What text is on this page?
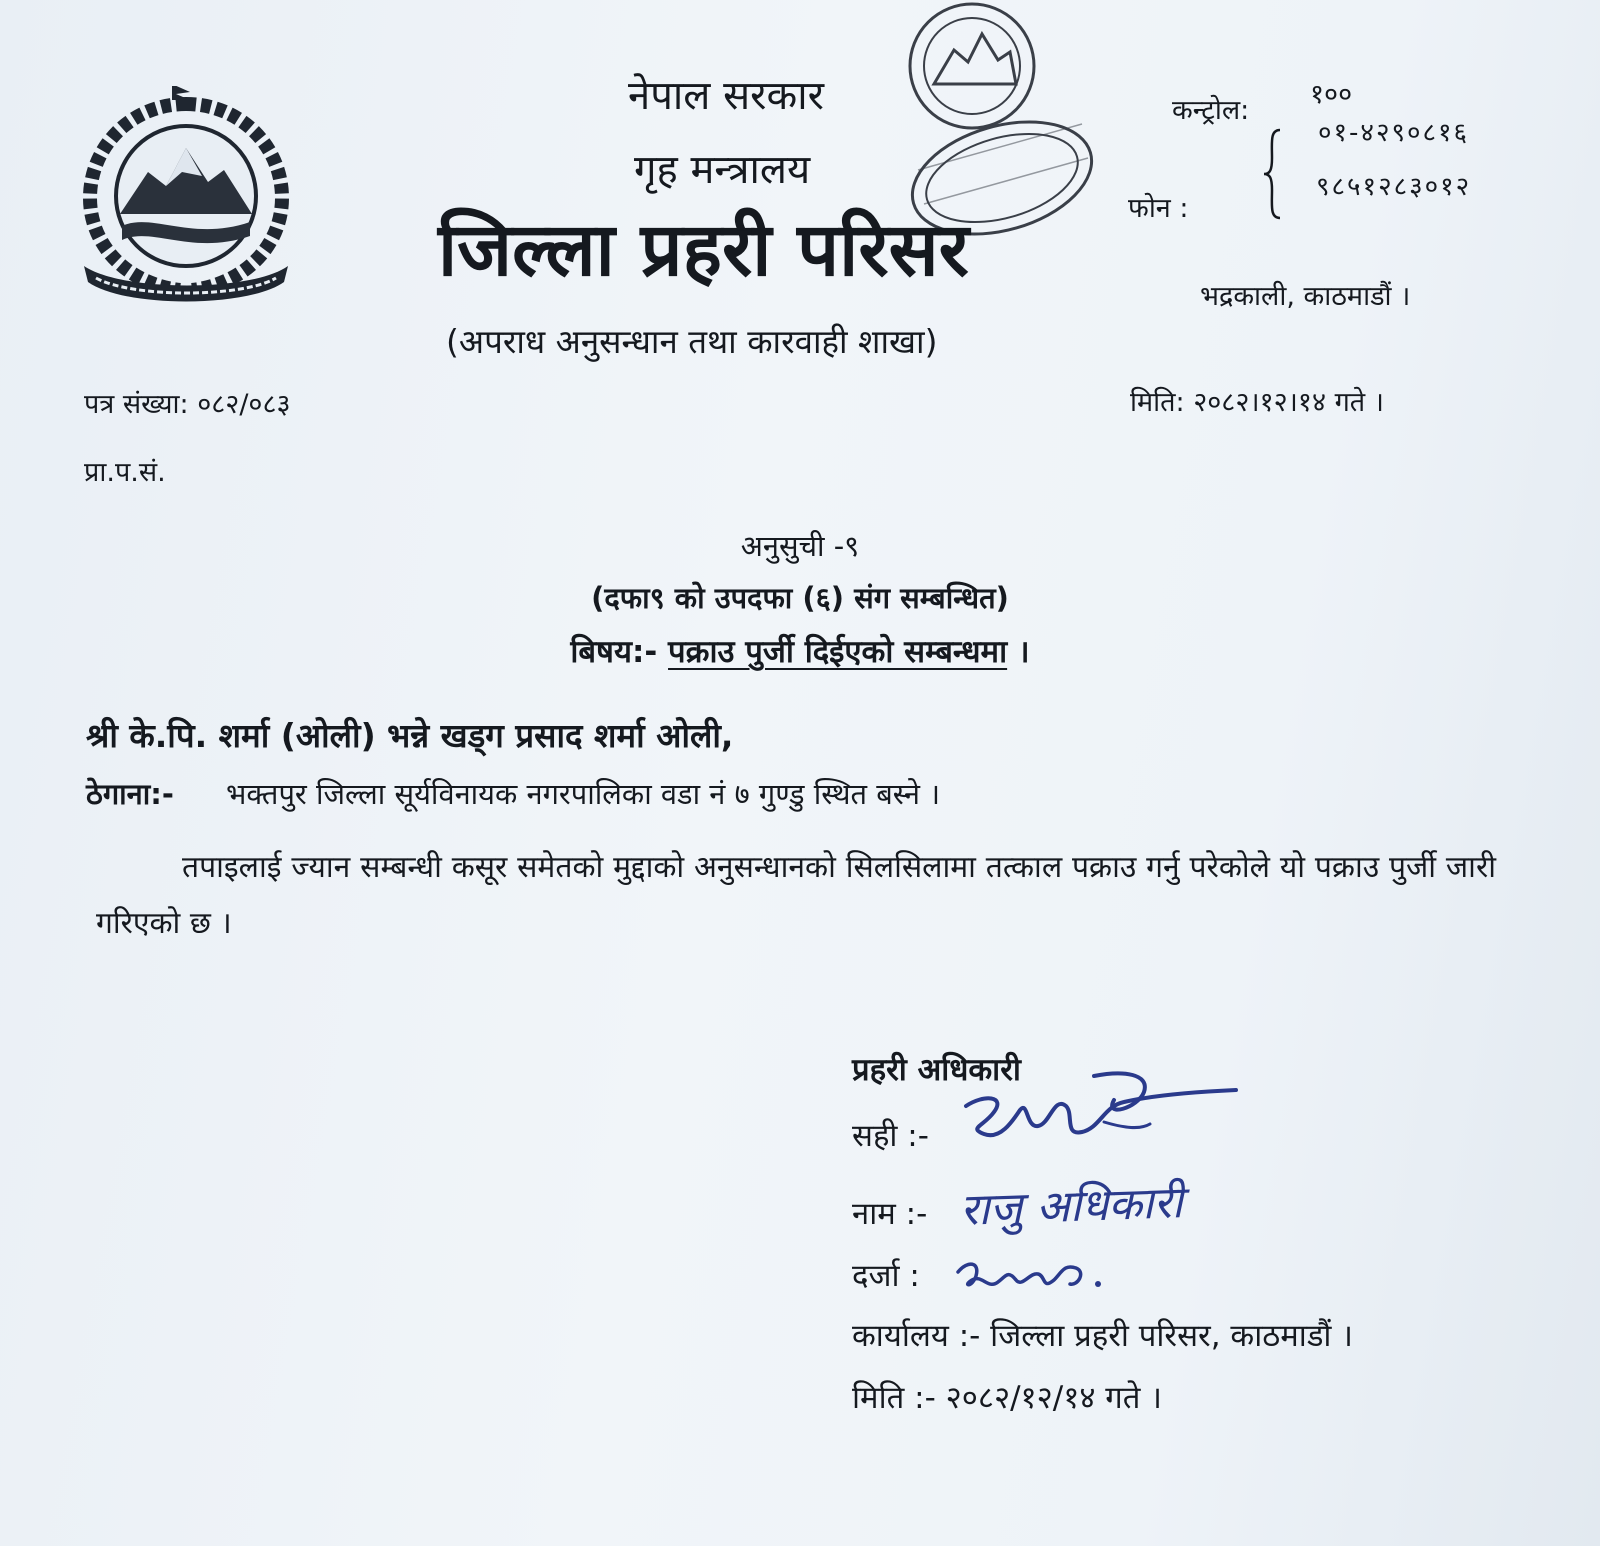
नेपाल सरकार
गृह मन्त्रालय
जिल्ला प्रहरी परिसर
(अपराध अनुसन्धान तथा कारवाही शाखा)
कन्ट्रोल:
१००
फोन :
०१-४२९०८१६
९८५१२८३०१२
भद्रकाली, काठमाडौं ।
पत्र संख्या: ०८२/०८३	मिति: २०८२।१२।१४ गते ।
प्रा.प.सं.
अनुसुची -९
(दफा९ को उपदफा (६) संग सम्बन्धित)
बिषय:- पक्राउ पुर्जी दिईएको सम्बन्धमा ।
श्री के.पि. शर्मा (ओली) भन्ने खड्ग प्रसाद शर्मा ओली,
ठेगाना:- भक्तपुर जिल्ला सूर्यविनायक नगरपालिका वडा नं ७ गुण्डु स्थित बस्ने ।
तपाइलाई ज्यान सम्बन्धी कसूर समेतको मुद्दाको अनुसन्धानको सिलसिलामा तत्काल पक्राउ गर्नु परेकोले यो पक्राउ पुर्जी जारी गरिएको छ ।
प्रहरी अधिकारी
सही :-
नाम :- राजु अधिकारी
दर्जा :
कार्यालय :- जिल्ला प्रहरी परिसर, काठमाडौं ।
मिति :- २०८२/१२/१४ गते ।
